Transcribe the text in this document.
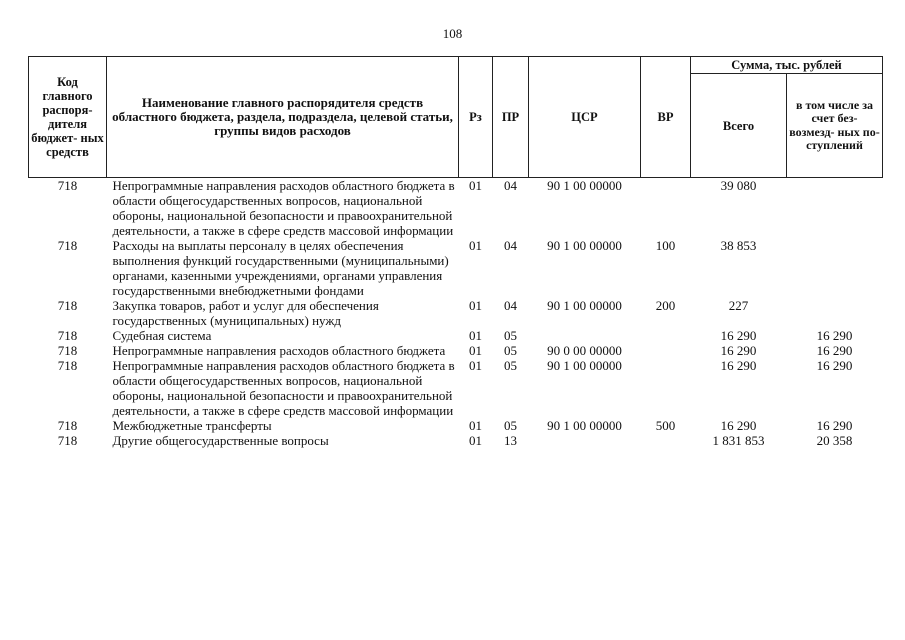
108
Код главного распоря- дителя бюджет- ных средств	Наименование главного распорядителя средств областного бюджета, раздела, подраздела, целевой статьи, группы видов расходов	Рз	ПР	ЦСР	ВР	Сумма, тыс. рублей	
						Всего	в том числе за счет без- возмезд- ных по- ступлений
718	Непрограммные направления расходов областного бюджета в области общегосударственных вопросов, национальной обороны, национальной безопасности и правоохранительной деятельности, а также в сфере средств массовой информации	01	04	90 1 00 00000		39 080	
718	Расходы на выплаты персоналу в целях обеспечения выполнения функций государственными (муниципальными) органами, казенными учреждениями, органами управления государственными внебюджетными фондами	01	04	90 1 00 00000	100	38 853	
718	Закупка товаров, работ и услуг для обеспечения государственных (муниципальных) нужд	01	04	90 1 00 00000	200	227	
718	Судебная система	01	05			16 290	16 290
718	Непрограммные направления расходов областного бюджета	01	05	90 0 00 00000		16 290	16 290
718	Непрограммные направления расходов областного бюджета в области общегосударственных вопросов, национальной обороны, национальной безопасности и правоохранительной деятельности, а также в сфере средств массовой информации	01	05	90 1 00 00000		16 290	16 290
718	Межбюджетные трансферты	01	05	90 1 00 00000	500	16 290	16 290
718	Другие общегосударственные вопросы	01	13			1 831 853	20 358
